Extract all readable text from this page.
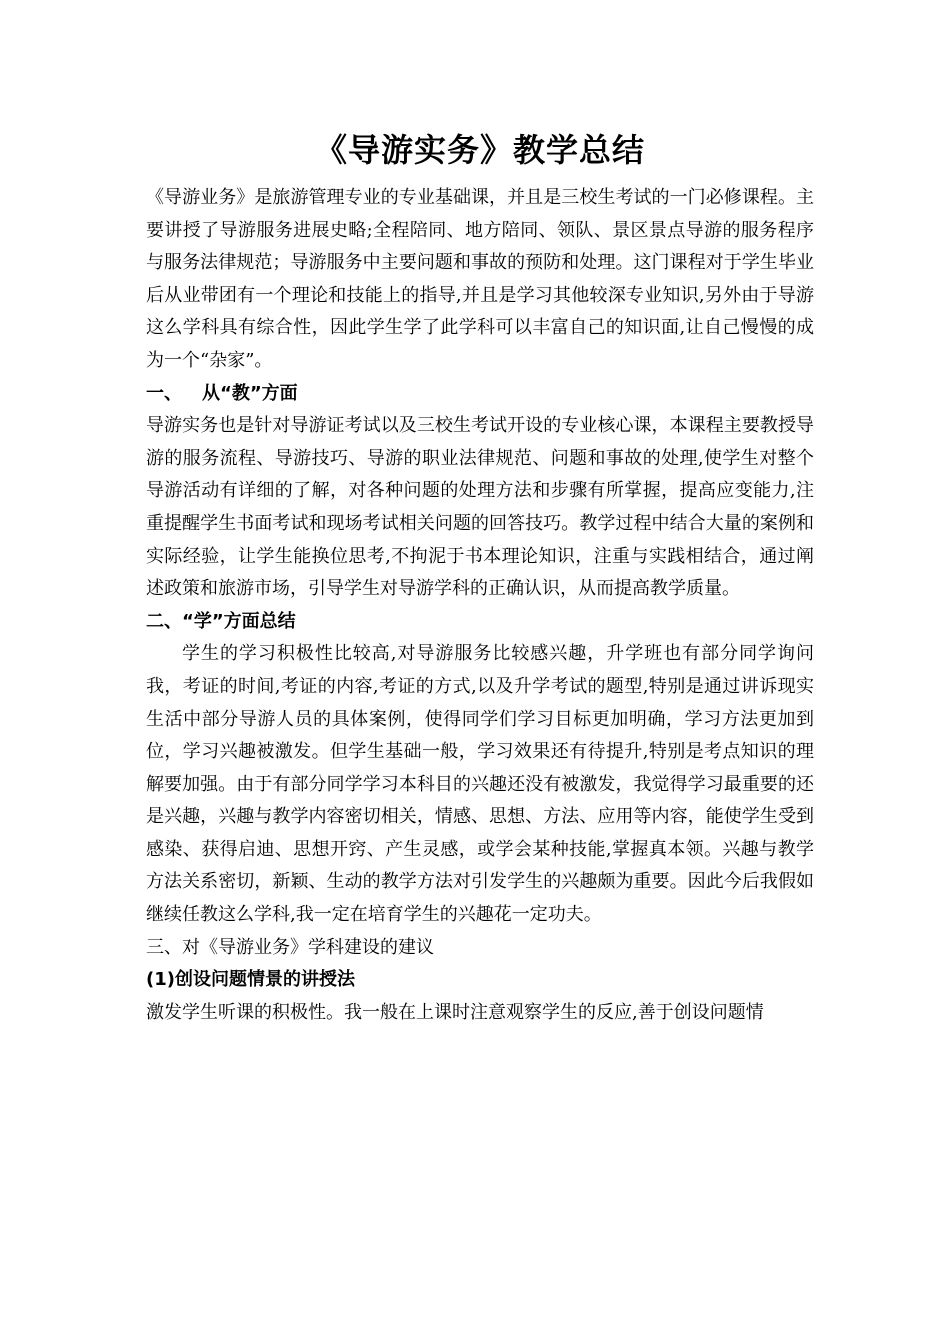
《导游实务》教学总结

《导游业务》是旅游管理专业的专业基础课，并且是三校生考试的一门必修课程。主要讲授了导游服务进展史略;全程陪同、地方陪同、领队、景区景点导游的服务程序与服务法律规范；导游服务中主要问题和事故的预防和处理。这门课程对于学生毕业后从业带团有一个理论和技能上的指导,并且是学习其他较深专业知识,另外由于导游这么学科具有综合性，因此学生学了此学科可以丰富自己的知识面,让自己慢慢的成为一个“杂家”。

一、 从“教”方面

导游实务也是针对导游证考试以及三校生考试开设的专业核心课，本课程主要教授导游的服务流程、导游技巧、导游的职业法律规范、问题和事故的处理,使学生对整个导游活动有详细的了解，对各种问题的处理方法和步骤有所掌握，提高应变能力,注重提醒学生书面考试和现场考试相关问题的回答技巧。教学过程中结合大量的案例和实际经验，让学生能换位思考,不拘泥于书本理论知识，注重与实践相结合，通过阐述政策和旅游市场，引导学生对导游学科的正确认识，从而提高教学质量。

二、“学”方面总结

学生的学习积极性比较高,对导游服务比较感兴趣，升学班也有部分同学询问我，考证的时间,考证的内容,考证的方式,以及升学考试的题型,特别是通过讲诉现实生活中部分导游人员的具体案例，使得同学们学习目标更加明确，学习方法更加到位，学习兴趣被激发。但学生基础一般，学习效果还有待提升,特别是考点知识的理解要加强。由于有部分同学学习本科目的兴趣还没有被激发，我觉得学习最重要的还是兴趣，兴趣与教学内容密切相关，情感、思想、方法、应用等内容，能使学生受到感染、获得启迪、思想开窍、产生灵感，或学会某种技能,掌握真本领。兴趣与教学方法关系密切，新颖、生动的教学方法对引发学生的兴趣颇为重要。因此今后我假如继续任教这么学科,我一定在培育学生的兴趣花一定功夫。

三、对《导游业务》学科建设的建议
(1)创设问题情景的讲授法

激发学生听课的积极性。我一般在上课时注意观察学生的反应,善于创设问题情
